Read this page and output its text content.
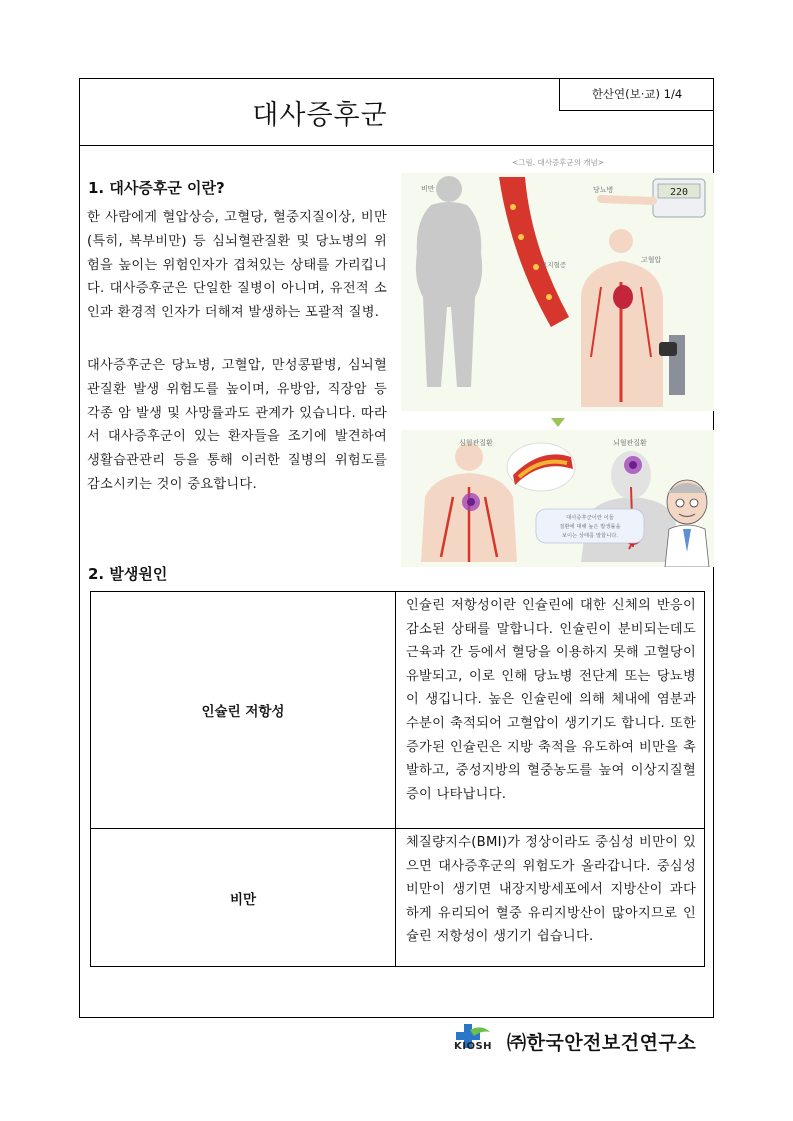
대사증후군
한산연(보·교) 1/4
1. 대사증후군 이란?
한 사람에게 혈압상승, 고혈당, 혈중지질이상, 비만(특히, 복부비만) 등 심뇌혈관질환 및 당뇨병의 위험을 높이는 위험인자가 겹쳐있는 상태를 가리킵니다. 대사증후군은 단일한 질병이 아니며, 유전적 소인과 환경적 인자가 더해져 발생하는 포괄적 질병.
대사증후군은 당뇨병, 고혈압, 만성콩팥병, 심뇌혈관질환 발생 위험도를 높이며, 유방암, 직장암 등 각종 암 발생 및 사망률과도 관계가 있습니다. 따라서 대사증후군이 있는 환자들을 조기에 발견하여 생활습관관리 등을 통해 이러한 질병의 위험도를 감소시키는 것이 중요합니다.
<그림. 대사증후군의 개념>
비만
고지혈증
220
당뇨병
고혈압
심혈관질환	뇌혈관질환
대사증후군이란 이들
질환에 대해 높은 발생률을
보이는 상태를 말합니다.
2. 발생원인
인슐린 저항성	인슐린 저항성이란 인슐린에 대한 신체의 반응이 감소된 상태를 말합니다. 인슐린이 분비되는데도 근육과 간 등에서 혈당을 이용하지 못해 고혈당이 유발되고, 이로 인해 당뇨병 전단계 또는 당뇨병이 생깁니다. 높은 인슐린에 의해 체내에 염분과 수분이 축적되어 고혈압이 생기기도 합니다. 또한 증가된 인슐린은 지방 축적을 유도하여 비만을 촉발하고, 중성지방의 혈중농도를 높여 이상지질혈증이 나타납니다.
비만	체질량지수(BMI)가 정상이라도 중심성 비만이 있으면 대사증후군의 위험도가 올라갑니다. 중심성 비만이 생기면 내장지방세포에서 지방산이 과다하게 유리되어 혈중 유리지방산이 많아지므로 인슐린 저항성이 생기기 쉽습니다.
KIOSH ㈜한국안전보건연구소
